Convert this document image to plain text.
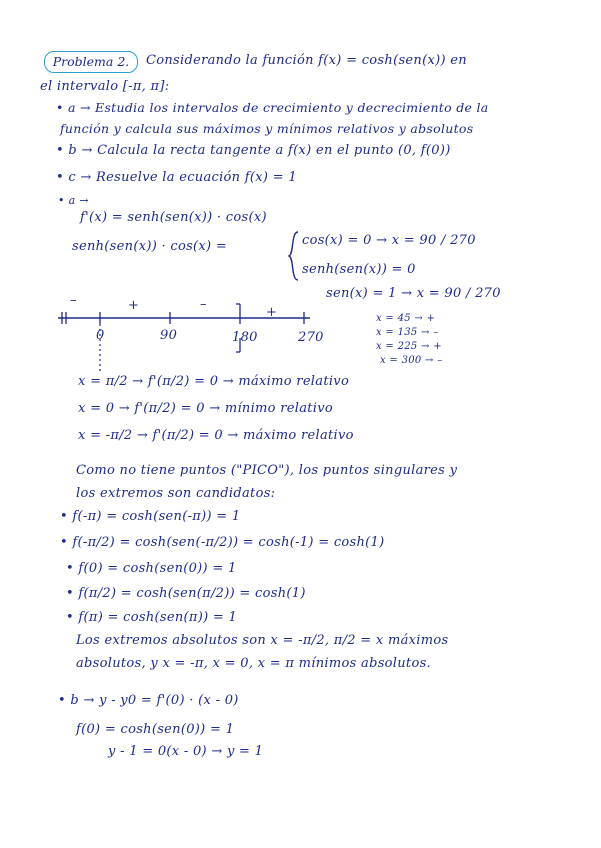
Problema 2.	Considerando la función f(x) = cosh(sen(x)) en
el intervalo [-π, π]:
• a → Estudia los intervalos de crecimiento y decrecimiento de la
función y calcula sus máximos y mínimos relativos y absolutos
• b → Calcula la recta tangente a f(x) en el punto (0, f(0))
• c → Resuelve la ecuación f(x) = 1
• a →
f'(x) = senh(sen(x)) · cos(x)
senh(sen(x)) · cos(x) =	cos(x) = 0 → x = 90 / 270
senh(sen(x)) = 0
sen(x) = 1 → x = 90 / 270
–	+	–
+
0	90	180	270
x = 45 → +
x = 135 → –
x = 225 → +
x = 300 → –
x = π/2 → f'(π/2) = 0 → máximo relativo
x = 0 → f'(π/2) = 0 → mínimo relativo
x = -π/2 → f'(π/2) = 0 → máximo relativo
Como no tiene puntos ("PICO"), los puntos singulares y
los extremos son candidatos:
• f(-π) = cosh(sen(-π)) = 1
• f(-π/2) = cosh(sen(-π/2)) = cosh(-1) = cosh(1)
• f(0) = cosh(sen(0)) = 1
• f(π/2) = cosh(sen(π/2)) = cosh(1)
• f(π) = cosh(sen(π)) = 1
Los extremos absolutos son x = -π/2, π/2 = x máximos
absolutos, y x = -π, x = 0, x = π mínimos absolutos.
• b → y - y0 = f'(0) · (x - 0)
f(0) = cosh(sen(0)) = 1
y - 1 = 0(x - 0) → y = 1
